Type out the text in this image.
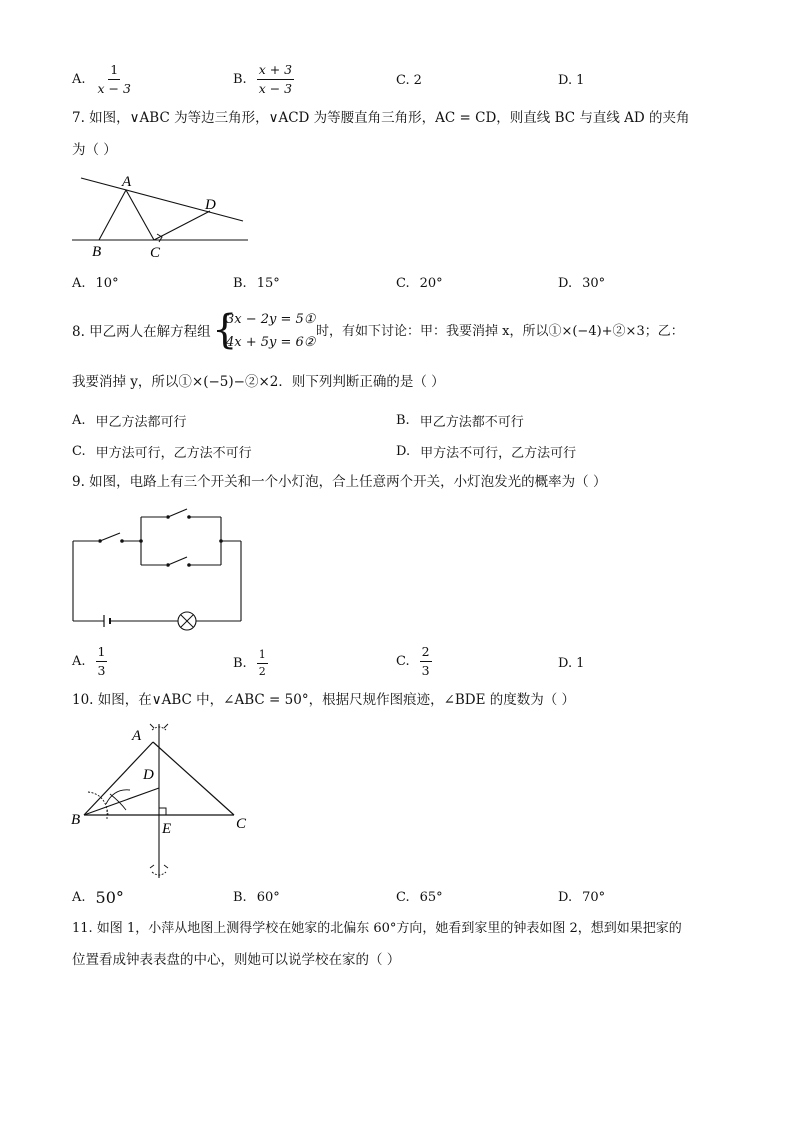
A. $\frac{1}{x - 3}$	B. $\frac{x + 3}{x - 3}$	C. 2	D. 1
7. 如图，∨ABC 为等边三角形，∨ACD 为等腰直角三角形，AC = CD，则直线 BC 与直线 AD 的夹角
为（ ）
A
B	C
D
A. 10°	B. 15°	C. 20°	D. 30°
8. 甲乙两人在解方程组 {
3x − 2y = 5①
4x + 5y = 6②
时，有如下讨论：甲：我要消掉 x，所以①×(−4)+②×3；乙：
我要消掉 y，所以①×(−5)−②×2．则下列判断正确的是（ ）
A. 甲乙方法都可行	B. 甲乙方法都不可行
C. 甲方法可行，乙方法不可行	D. 甲方法不可行，乙方法可行
9. 如图，电路上有三个开关和一个小灯泡，合上任意两个开关，小灯泡发光的概率为（ ）
A. $\frac{1}{3}$	B. $\frac{1}{2}$	C. $\frac{2}{3}$	D. 1
10. 如图，在∨ABC 中，∠ABC = 50°，根据尺规作图痕迹，∠BDE 的度数为（ ）
A
B	C
D
E
A. 50°	B. 60°	C. 65°	D. 70°
11. 如图 1，小萍从地图上测得学校在她家的北偏东 60°方向，她看到家里的钟表如图 2，想到如果把家的
位置看成钟表表盘的中心，则她可以说学校在家的（ ）
